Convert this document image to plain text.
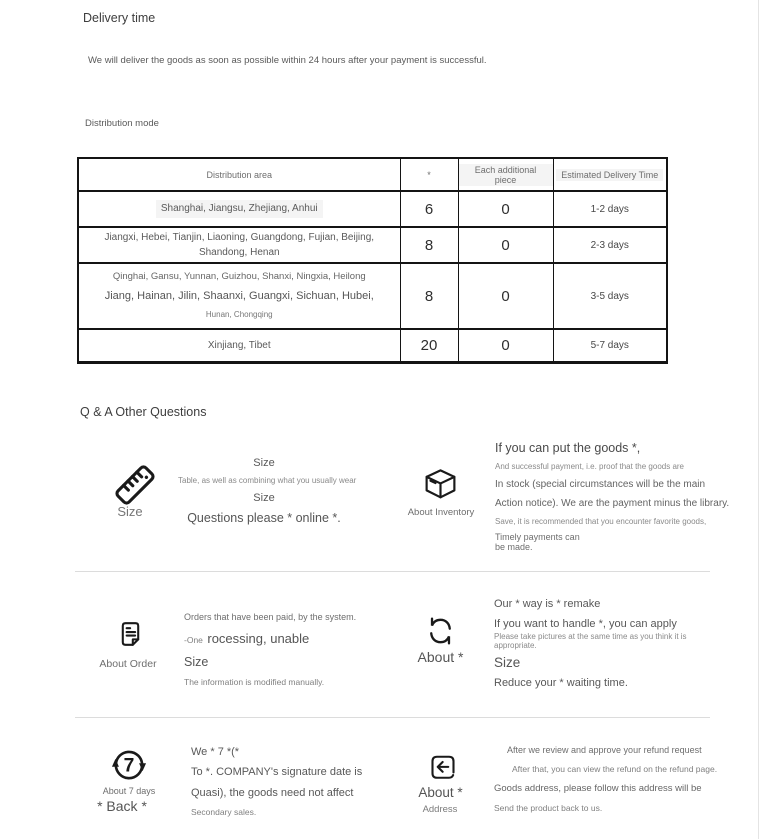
Delivery time
We will deliver the goods as soon as possible within 24 hours after your payment is successful.
Distribution mode
Distribution area	*	Each additional piece	Estimated Delivery Time
Shanghai, Jiangsu, Zhejiang, Anhui	6	0	1-2 days

Jiangxi, Hebei, Tianjin, Liaoning, Guangdong, Fujian, Beijing,
Shandong, Henan	8	0	2-3 days

Qinghai, Gansu, Yunnan, Guizhou, Shanxi, Ningxia, Heilong
Jiang, Hainan, Jilin, Shaanxi, Guangxi, Sichuan, Hubei,
Hunan, Chongqing	8	0	3-5 days
Xinjiang, Tibet	20	0	5-7 days
Q & A Other Questions
Size
Size
Table, as well as combining what you usually wear
Size
Questions please * online *.	About Inventory
If you can put the goods *,
And successful payment, i.e. proof that the goods are
In stock (special circumstances will be the main
Action notice). We are the payment minus the library.
Save, it is recommended that you encounter favorite goods,
Timely payments can
be made.
About Order
Orders that have been paid, by the system.
-One rocessing, unable
Size
The information is modified manually.
About *
Our * way is * remake
If you want to handle *, you can apply
Please take pictures at the same time as you think it is
appropriate.
Size
Reduce your * waiting time.
7
About 7 days
* Back *
We * 7 *(*
To *. COMPANY's signature date is
Quasi), the goods need not affect
Secondary sales.
About *
Address
After we review and approve your refund request
After that, you can view the refund on the refund page.
Goods address, please follow this address will be
Send the product back to us.
